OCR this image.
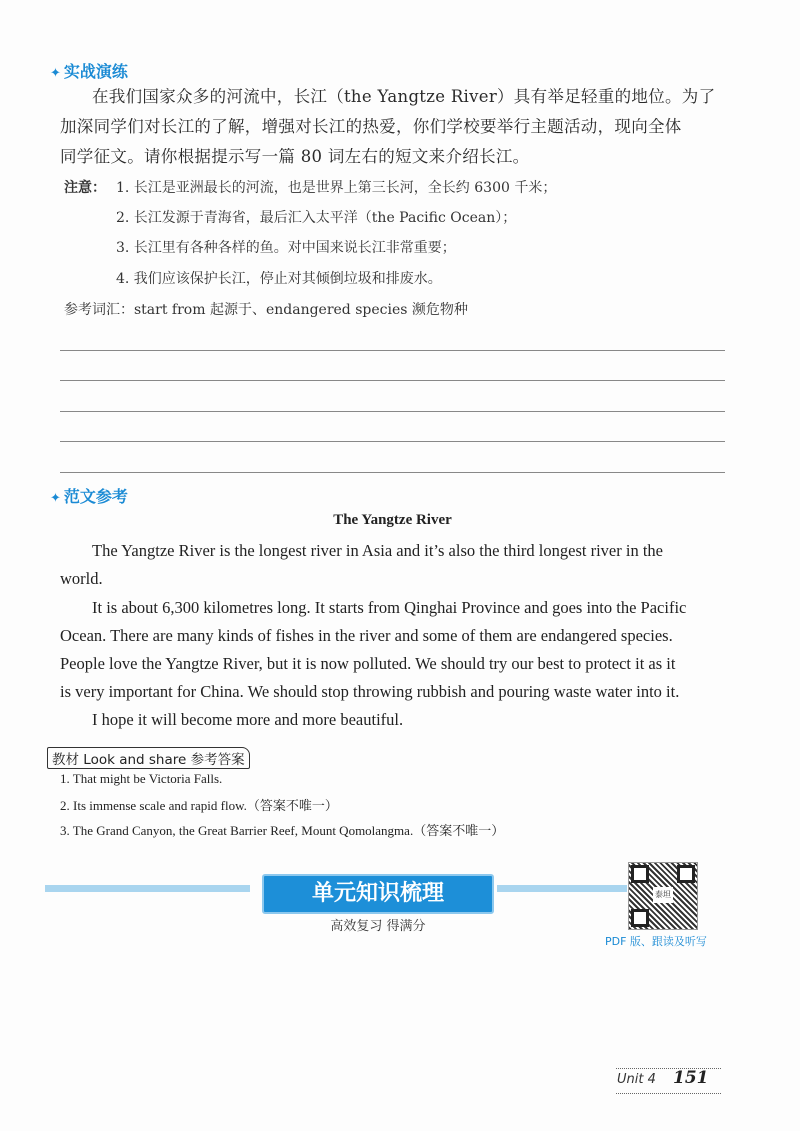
✦ 实战演练
在我们国家众多的河流中，长江（the Yangtze River）具有举足轻重的地位。为了
加深同学们对长江的了解，增强对长江的热爱，你们学校要举行主题活动，现向全体
同学征文。请你根据提示写一篇 80 词左右的短文来介绍长江。
注意： 1. 长江是亚洲最长的河流，也是世界上第三长河，全长约 6300 千米；
2. 长江发源于青海省，最后汇入太平洋（the Pacific Ocean）；
3. 长江里有各种各样的鱼。对中国来说长江非常重要；
4. 我们应该保护长江，停止对其倾倒垃圾和排废水。
参考词汇：start from 起源于、endangered species 濒危物种
✦ 范文参考
The Yangtze River
The Yangtze River is the longest river in Asia and it’s also the third longest river in the
world.
It is about 6,300 kilometres long. It starts from Qinghai Province and goes into the Pacific
Ocean. There are many kinds of fishes in the river and some of them are endangered species.
People love the Yangtze River, but it is now polluted. We should try our best to protect it as it
is very important for China. We should stop throwing rubbish and pouring waste water into it.
I hope it will become more and more beautiful.
教材 Look and share 参考答案
1. That might be Victoria Falls.
2. Its immense scale and rapid flow.（答案不唯一）
3. The Grand Canyon, the Great Barrier Reef, Mount Qomolangma.（答案不唯一）
单元知识梳理
高效复习 得满分
泰坦
PDF 版、跟读及听写
Unit 4 151
